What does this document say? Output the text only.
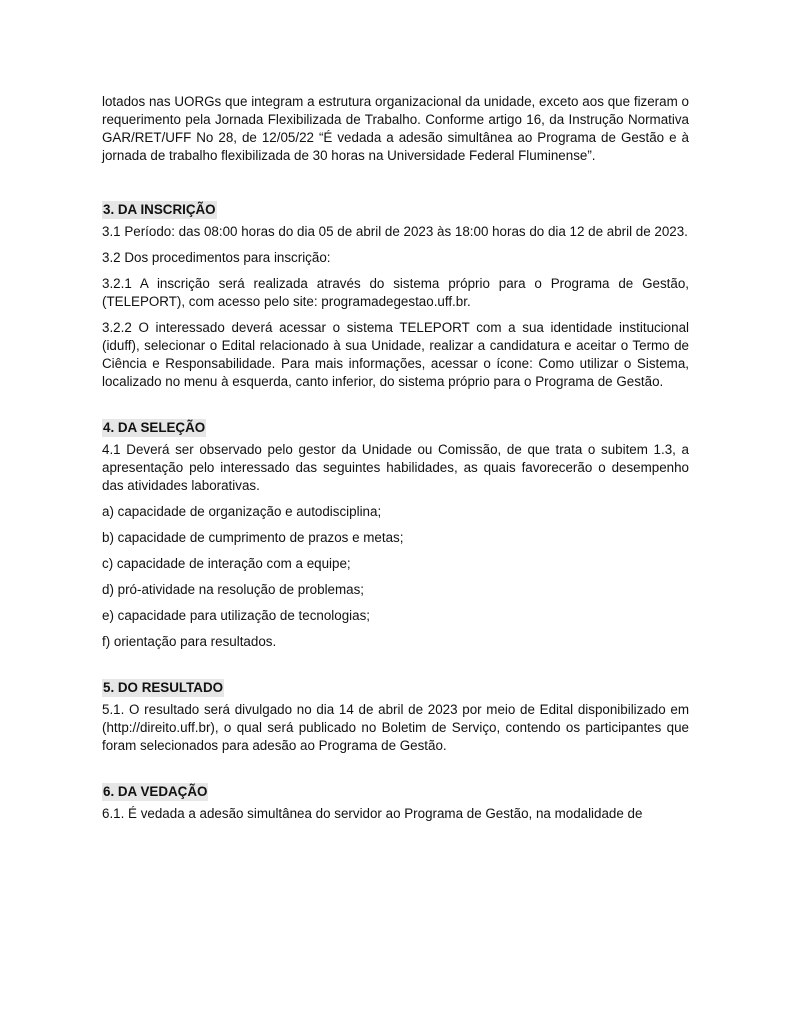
lotados nas UORGs que integram a estrutura organizacional da unidade, exceto aos que fizeram o requerimento pela Jornada Flexibilizada de Trabalho. Conforme artigo 16, da Instrução Normativa GAR/RET/UFF No 28, de 12/05/22 “É vedada a adesão simultânea ao Programa de Gestão e à jornada de trabalho flexibilizada de 30 horas na Universidade Federal Fluminense”.

3. DA INSCRIÇÃO

3.1 Período: das 08:00 horas do dia 05 de abril de 2023 às 18:00 horas do dia 12 de abril de 2023.

3.2 Dos procedimentos para inscrição:

3.2.1 A inscrição será realizada através do sistema próprio para o Programa de Gestão, (TELEPORT), com acesso pelo site: programadegestao.uff.br.

3.2.2 O interessado deverá acessar o sistema TELEPORT com a sua identidade institucional (iduff), selecionar o Edital relacionado à sua Unidade, realizar a candidatura e aceitar o Termo de Ciência e Responsabilidade. Para mais informações, acessar o ícone: Como utilizar o Sistema, localizado no menu à esquerda, canto inferior, do sistema próprio para o Programa de Gestão.

4. DA SELEÇÃO

4.1 Deverá ser observado pelo gestor da Unidade ou Comissão, de que trata o subitem 1.3, a apresentação pelo interessado das seguintes habilidades, as quais favorecerão o desempenho das atividades laborativas.

a) capacidade de organização e autodisciplina;

b) capacidade de cumprimento de prazos e metas;

c) capacidade de interação com a equipe;

d) pró-atividade na resolução de problemas;

e) capacidade para utilização de tecnologias;

f) orientação para resultados.

5. DO RESULTADO

5.1. O resultado será divulgado no dia 14 de abril de 2023 por meio de Edital disponibilizado em (http://direito.uff.br), o qual será publicado no Boletim de Serviço, contendo os participantes que foram selecionados para adesão ao Programa de Gestão.

6. DA VEDAÇÃO

6.1. É vedada a adesão simultânea do servidor ao Programa de Gestão, na modalidade de
